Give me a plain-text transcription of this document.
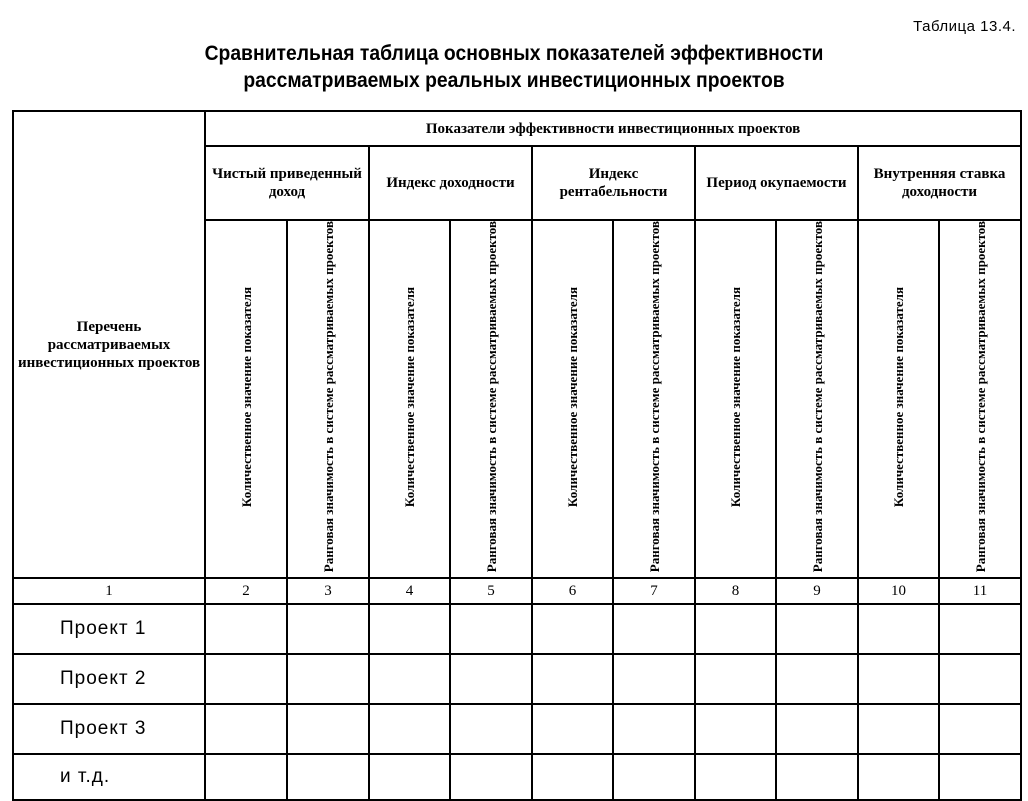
Таблица 13.4.
Сравнительная таблица основных показателей эффективности
рассматриваемых реальных инвестиционных проектов
Перечень рассматриваемых инвестиционных проектов	Показатели эффективности инвестиционных проектов									
	Чистый приведенный доход		Индекс доходности		Индекс рентабельности		Период окупаемости		Внутренняя ставка доходности	
	Количественное значение показателя	Ранговая значимость в системе рассматриваемых проектов	Количественное значение показателя	Ранговая значимость в системе рассматриваемых проектов	Количественное значение показателя	Ранговая значимость в системе рассматриваемых проектов	Количественное значение показателя	Ранговая значимость в системе рассматриваемых проектов	Количественное значение показателя	Ранговая значимость в системе рассматриваемых проектов
1	2	3	4	5	6	7	8	9	10	11
Проект 1										
Проект 2										
Проект 3										
и т.д.										
